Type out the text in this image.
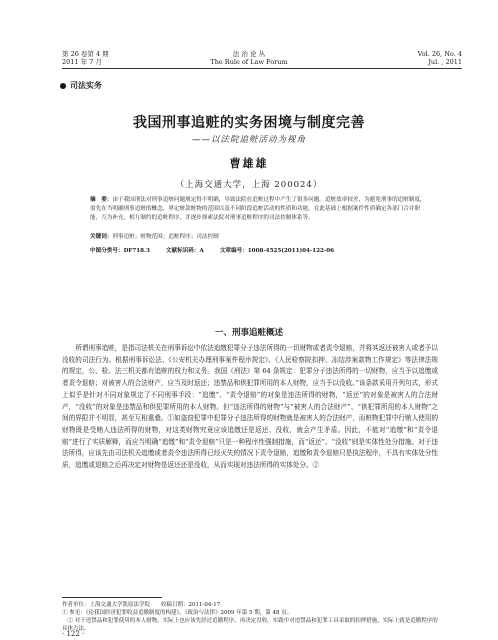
第 26 卷第 4 期
2011 年 7 月
法 治 论 丛
The Rule of Law Forum
Vol. 26, No. 4
Jul. , 2011
司法实务
我国刑事追赃的实务困境与制度完善
——以法院追赃活动为视角
曹雄雄
（上海交通大学，上海 200024）
摘　要：由于我国刑法对刑事追赃问题规定得不明确，导致法院在追赃过程中产生了很多问题。追赃效率较差，为避免刑事的追赃制度，需先在当明确刑事追赃的概念，界定赃款赃物的范围以及不同阶段追赃活动的性质和功能，在此基础上根据案件性质确定各部门合并职能，互为补充，相互制约的追赃程序，并逐步探索法院对刑事追赃程序的司法控制体系等。
关键词：刑事追赃；赃物范围；追赃程序；司法控制
中图分类号：DF718.3	文献标识码：A	文章编号：1008-4525(2011)04-122-06
一、刑事追赃概述
所谓刑事追赃，是指司法机关在刑事诉讼中依法追缴犯罪分子违法所得的一切财物或者责令退赔，并将其返还被害人或者予以没收的司法行为。根据刑事诉讼法、《公安机关办理刑事案件程序规定》、《人民检察院扣押、冻结涉案款物工作规定》等法律法规的规定，公、检、法三机关都有追赃的权力和义务。我国《刑法》第 64 条规定：犯罪分子违法所得的一切财物，应当予以追缴或者责令退赔；对被害人的合法财产，应当及时返还；违禁品和供犯罪所用的本人财物，应当予以没收。”该条款采用开列句式，形式上似乎是针对不同对象规定了不同刑事手段：“追缴”、“责令退赔”的对象是违法所得的财物，“返还”的对象是被害人的合法财产，“没收”的对象是违禁品和供犯罪所用的本人财物。但“违法所得的财物”与“被害人的合法财产”、“供犯罪所用的本人财物”之间的界限并不明显，甚至互相重叠。①如盗窃犯罪中犯罪分子违法所得的财物就是被害人的合法财产，而赃物犯罪中行贿人使用的财物既是受贿人违法所得的财物，对这类财物究竟应该追缴还是返还、没收，就会产生矛盾。因此，不能对“追缴”和“责令退赔”进行了实质解释，而应当明确“追缴”和“责令退赔”只是一种程序性强制措施，而“返还”、“没收”则是实体性处分措施。对于违法所得，应该先由司法机关追缴或者责令违法所得已经灭失的情况下责令退赔，追缴和责令退赔只是执法程序，不具有实体处分性质，追缴或退赔之后再决定对财物是返还还是没收，从而实现对违法所得的实体处分。②
作者单位：上海交通大学凯原法学院　　收稿日期：2011-04-17
① 参见：《论我国经济犯罪收益追缴制度的构建》，《政治与法律》2009 年第 5 期，第 48 页。
② 对于违禁品和犯罪使用的本人财物，实际上也应该先经过追缴程序，再决定没收。实践中对违禁品和犯罪工具采取的扣押措施，实际上就是追缴程序的具体方法。
· 122 ·
